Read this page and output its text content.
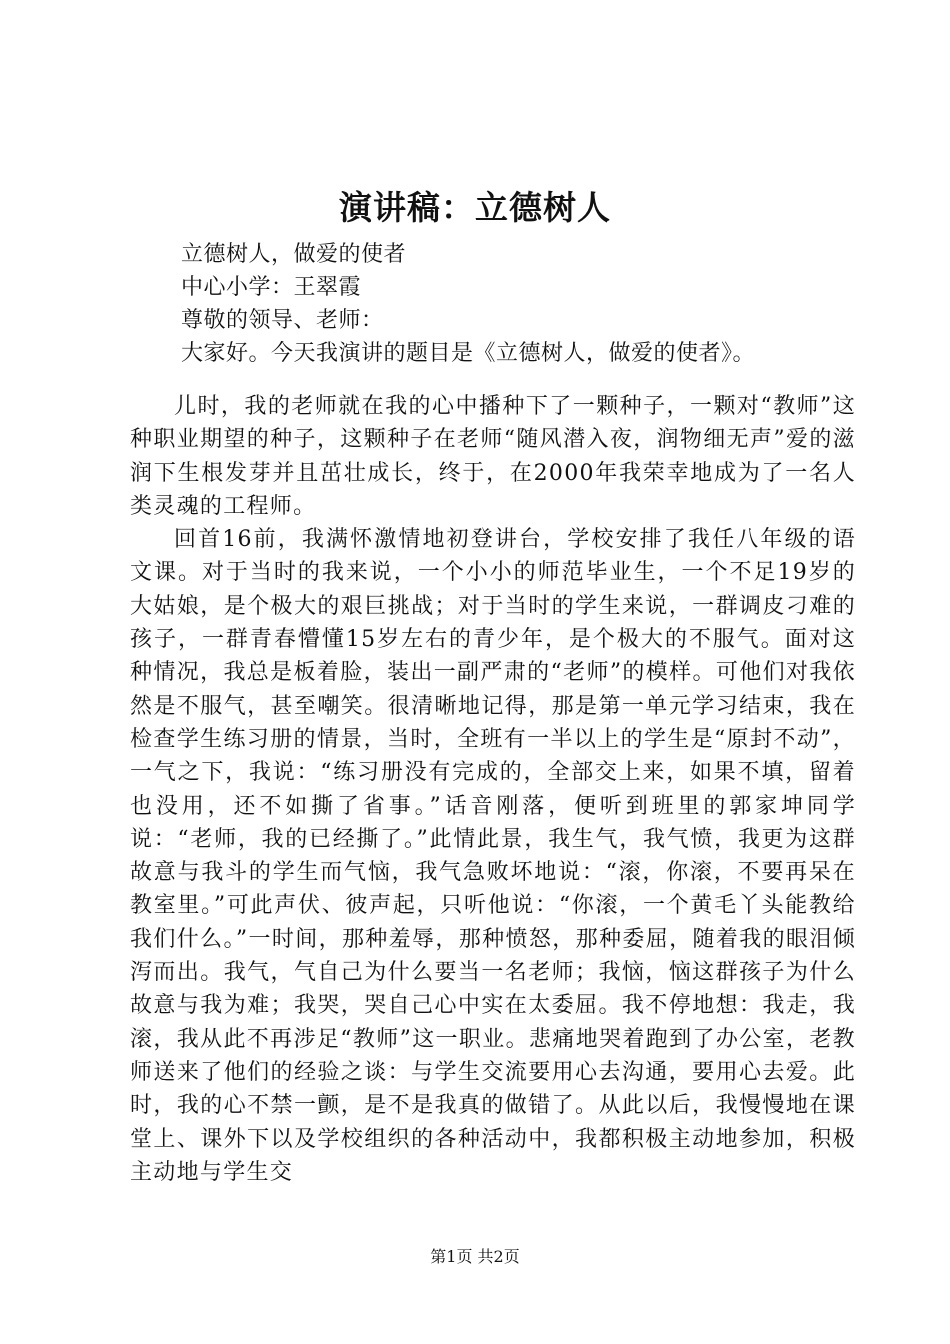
演讲稿：立德树人
立德树人，做爱的使者
中心小学：王翠霞
尊敬的领导、老师：
大家好。今天我演讲的题目是《立德树人，做爱的使者》。

儿时，我的老师就在我的心中播种下了一颗种子，一颗对“教师”这种职业期望的种子，这颗种子在老师“随风潜入夜，润物细无声”爱的滋润下生根发芽并且茁壮成长，终于，在2000年我荣幸地成为了一名人类灵魂的工程师。

回首16前，我满怀激情地初登讲台，学校安排了我任八年级的语文课。对于当时的我来说，一个小小的师范毕业生，一个不足19岁的大姑娘，是个极大的艰巨挑战；对于当时的学生来说，一群调皮刁难的孩子，一群青春懵懂15岁左右的青少年，是个极大的不服气。面对这种情况，我总是板着脸，装出一副严肃的“老师”的模样。可他们对我依然是不服气，甚至嘲笑。很清晰地记得，那是第一单元学习结束，我在检查学生练习册的情景，当时，全班有一半以上的学生是“原封不动”，一气之下，我说：“练习册没有完成的，全部交上来，如果不填，留着也没用，还不如撕了省事。”话音刚落，便听到班里的郭家坤同学说：“老师，我的已经撕了。”此情此景，我生气，我气愤，我更为这群故意与我斗的学生而气恼，我气急败坏地说：“滚，你滚，不要再呆在教室里。”可此声伏、彼声起，只听他说：“你滚，一个黄毛丫头能教给我们什么。”一时间，那种羞辱，那种愤怒，那种委屈，随着我的眼泪倾泻而出。我气，气自己为什么要当一名老师；我恼，恼这群孩子为什么故意与我为难；我哭，哭自己心中实在太委屈。我不停地想：我走，我滚，我从此不再涉足“教师”这一职业。悲痛地哭着跑到了办公室，老教师送来了他们的经验之谈：与学生交流要用心去沟通，要用心去爱。此时，我的心不禁一颤，是不是我真的做错了。从此以后，我慢慢地在课堂上、课外下以及学校组织的各种活动中，我都积极主动地参加，积极主动地与学生交

第1页 共2页
